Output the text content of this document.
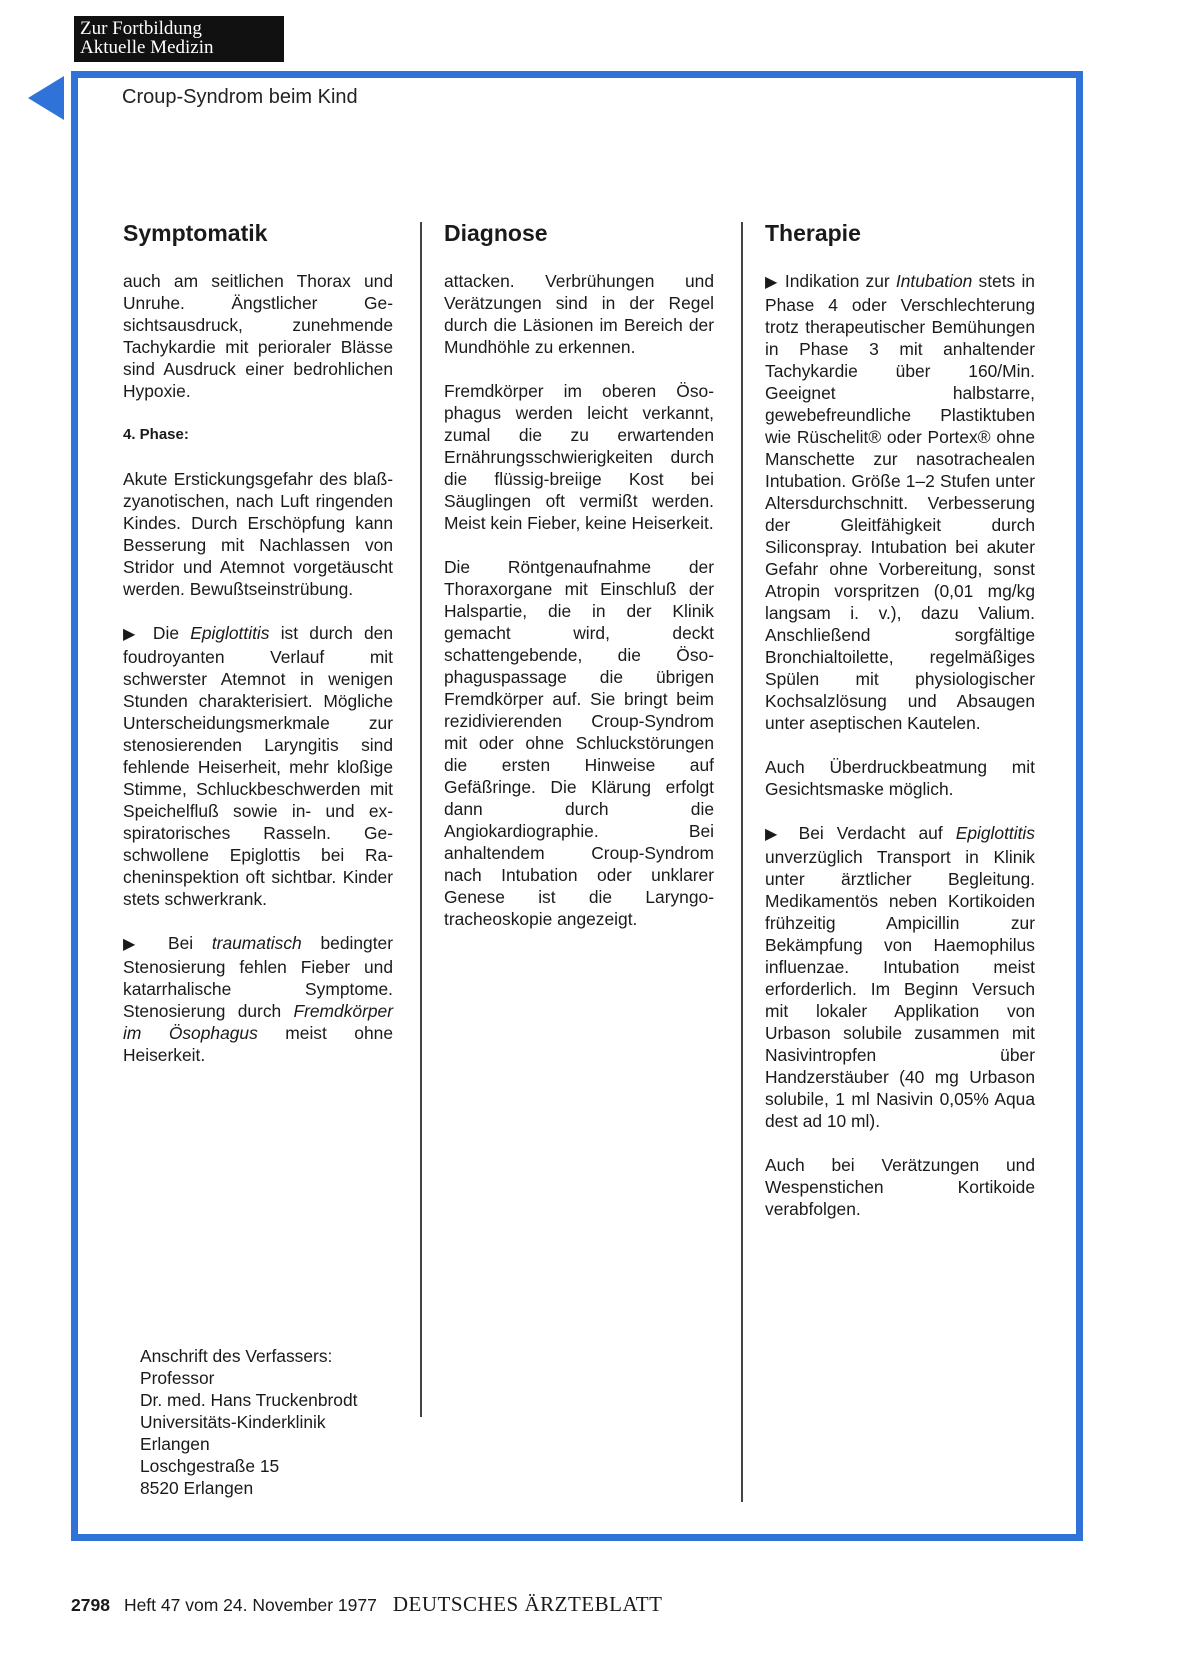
Zur Fortbildung
Aktuelle Medizin
Croup-Syndrom beim Kind
Symptomatik

auch am seitlichen Thorax und Unruhe. Ängstlicher Gesichtsausdruck, zunehmende Tachykardie mit perioraler Blässe sind Ausdruck einer bedrohlichen Hypoxie.

4. Phase:

Akute Erstickungsgefahr des blaß-zyanotischen, nach Luft ringenden Kindes. Durch Erschöpfung kann Besserung mit Nachlassen von Stridor und Atemnot vorgetäuscht werden. Bewußtseinstrübung.

▶ Die Epiglottitis ist durch den foudroyanten Verlauf mit schwerster Atemnot in wenigen Stunden charakterisiert. Mögliche Unterscheidungsmerkmale zur stenosierenden Laryngitis sind fehlende Heiserheit, mehr kloßige Stimme, Schluckbeschwerden mit Speichelfluß sowie in- und exspiratorisches Rasseln. Geschwollene Epiglottis bei Racheninspektion oft sichtbar. Kinder stets schwerkrank.

▶ Bei traumatisch bedingter Stenosierung fehlen Fieber und katarrhalische Symptome. Stenosierung durch Fremdkörper im Ösophagus meist ohne Heiserkeit.

Diagnose

attacken. Verbrühungen und Verätzungen sind in der Regel durch die Läsionen im Bereich der Mundhöhle zu erkennen.

Fremdkörper im oberen Ösophagus werden leicht verkannt, zumal die zu erwartenden Ernährungsschwierigkeiten durch die flüssig-breiige Kost bei Säuglingen oft vermißt werden. Meist kein Fieber, keine Heiserkeit.

Die Röntgenaufnahme der Thoraxorgane mit Einschluß der Halspartie, die in der Klinik gemacht wird, deckt schattengebende, die Ösophaguspassage die übrigen Fremdkörper auf. Sie bringt beim rezidivierenden Croup-Syndrom mit oder ohne Schluckstörungen die ersten Hinweise auf Gefäßringe. Die Klärung erfolgt dann durch die Angiokardiographie. Bei anhaltendem Croup-Syndrom nach Intubation oder unklarer Genese ist die Laryngotracheoskopie angezeigt.

Therapie

▶ Indikation zur Intubation stets in Phase 4 oder Verschlechterung trotz therapeutischer Bemühungen in Phase 3 mit anhaltender Tachykardie über 160/Min. Geeignet halbstarre, gewebefreundliche Plastiktuben wie Rüschelit® oder Portex® ohne Manschette zur nasotrachealen Intubation. Größe 1–2 Stufen unter Altersdurchschnitt. Verbesserung der Gleitfähigkeit durch Siliconspray. Intubation bei akuter Gefahr ohne Vorbereitung, sonst Atropin vorspritzen (0,01 mg/kg langsam i. v.), dazu Valium. Anschließend sorgfältige Bronchialtoilette, regelmäßiges Spülen mit physiologischer Kochsalzlösung und Absaugen unter aseptischen Kautelen.

Auch Überdruckbeatmung mit Gesichtsmaske möglich.

▶ Bei Verdacht auf Epiglottitis unverzüglich Transport in Klinik unter ärztlicher Begleitung. Medikamentös neben Kortikoiden frühzeitig Ampicillin zur Bekämpfung von Haemophilus influenzae. Intubation meist erforderlich. Im Beginn Versuch mit lokaler Applikation von Urbason solubile zusammen mit Nasivintropfen über Handzerstäuber (40 mg Urbason solubile, 1 ml Nasivin 0,05% Aqua dest ad 10 ml).

Auch bei Verätzungen und Wespenstichen Kortikoide verabfolgen.

Anschrift des Verfassers:
Professor
Dr. med. Hans Truckenbrodt
Universitäts-Kinderklinik
Erlangen
Loschgestraße 15
8520 Erlangen
2798 Heft 47 vom 24. November 1977 DEUTSCHES ÄRZTEBLATT
